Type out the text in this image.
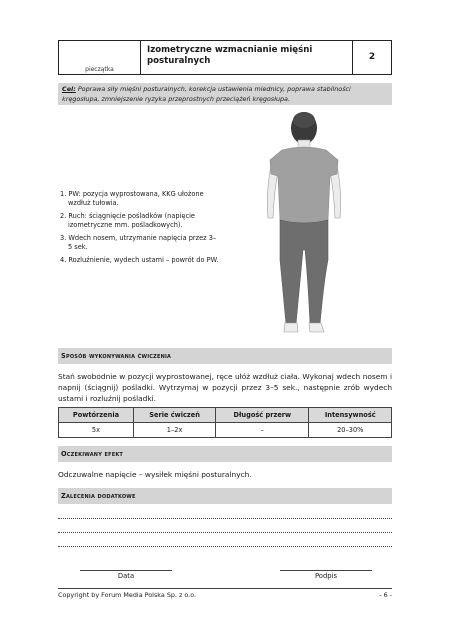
pieczątka
Izometryczne wzmacnianie mięśni posturalnych	2
Cel: Poprawa siły mięśni posturalnych, korekcja ustawienia miednicy, poprawa stabilności kręgosłupa, zmniejszenie ryzyka przeprostnych przeciążeń kręgosłupa.
1. PW: pozycja wyprostowana, KKG ułożone wzdłuż tułowia.
2. Ruch: ściągnięcie pośladków (napięcie izometryczne mm. pośladkowych).
3. Wdech nosem, utrzymanie napięcia przez 3–5 sek.
4. Rozluźnienie, wydech ustami – powrót do PW.
Sposób wykonywania ćwiczenia
Stań swobodnie w pozycji wyprostowanej, ręce ułóż wzdłuż ciała. Wykonaj wdech nosem i napnij (ściągnij) pośladki. Wytrzymaj w pozycji przez 3–5 sek., następnie zrób wydech ustami i rozluźnij pośladki.
Powtórzenia	Serie ćwiczeń	Długość przerw	Intensywność
5x	1–2x	–	20–30%
Oczekiwany efekt
Odczuwalne napięcie – wysiłek mięśni posturalnych.
Zalecenia dodatkowe
Data	Podpis
Copyright by Forum Media Polska Sp. z o.o.	- 6 -
